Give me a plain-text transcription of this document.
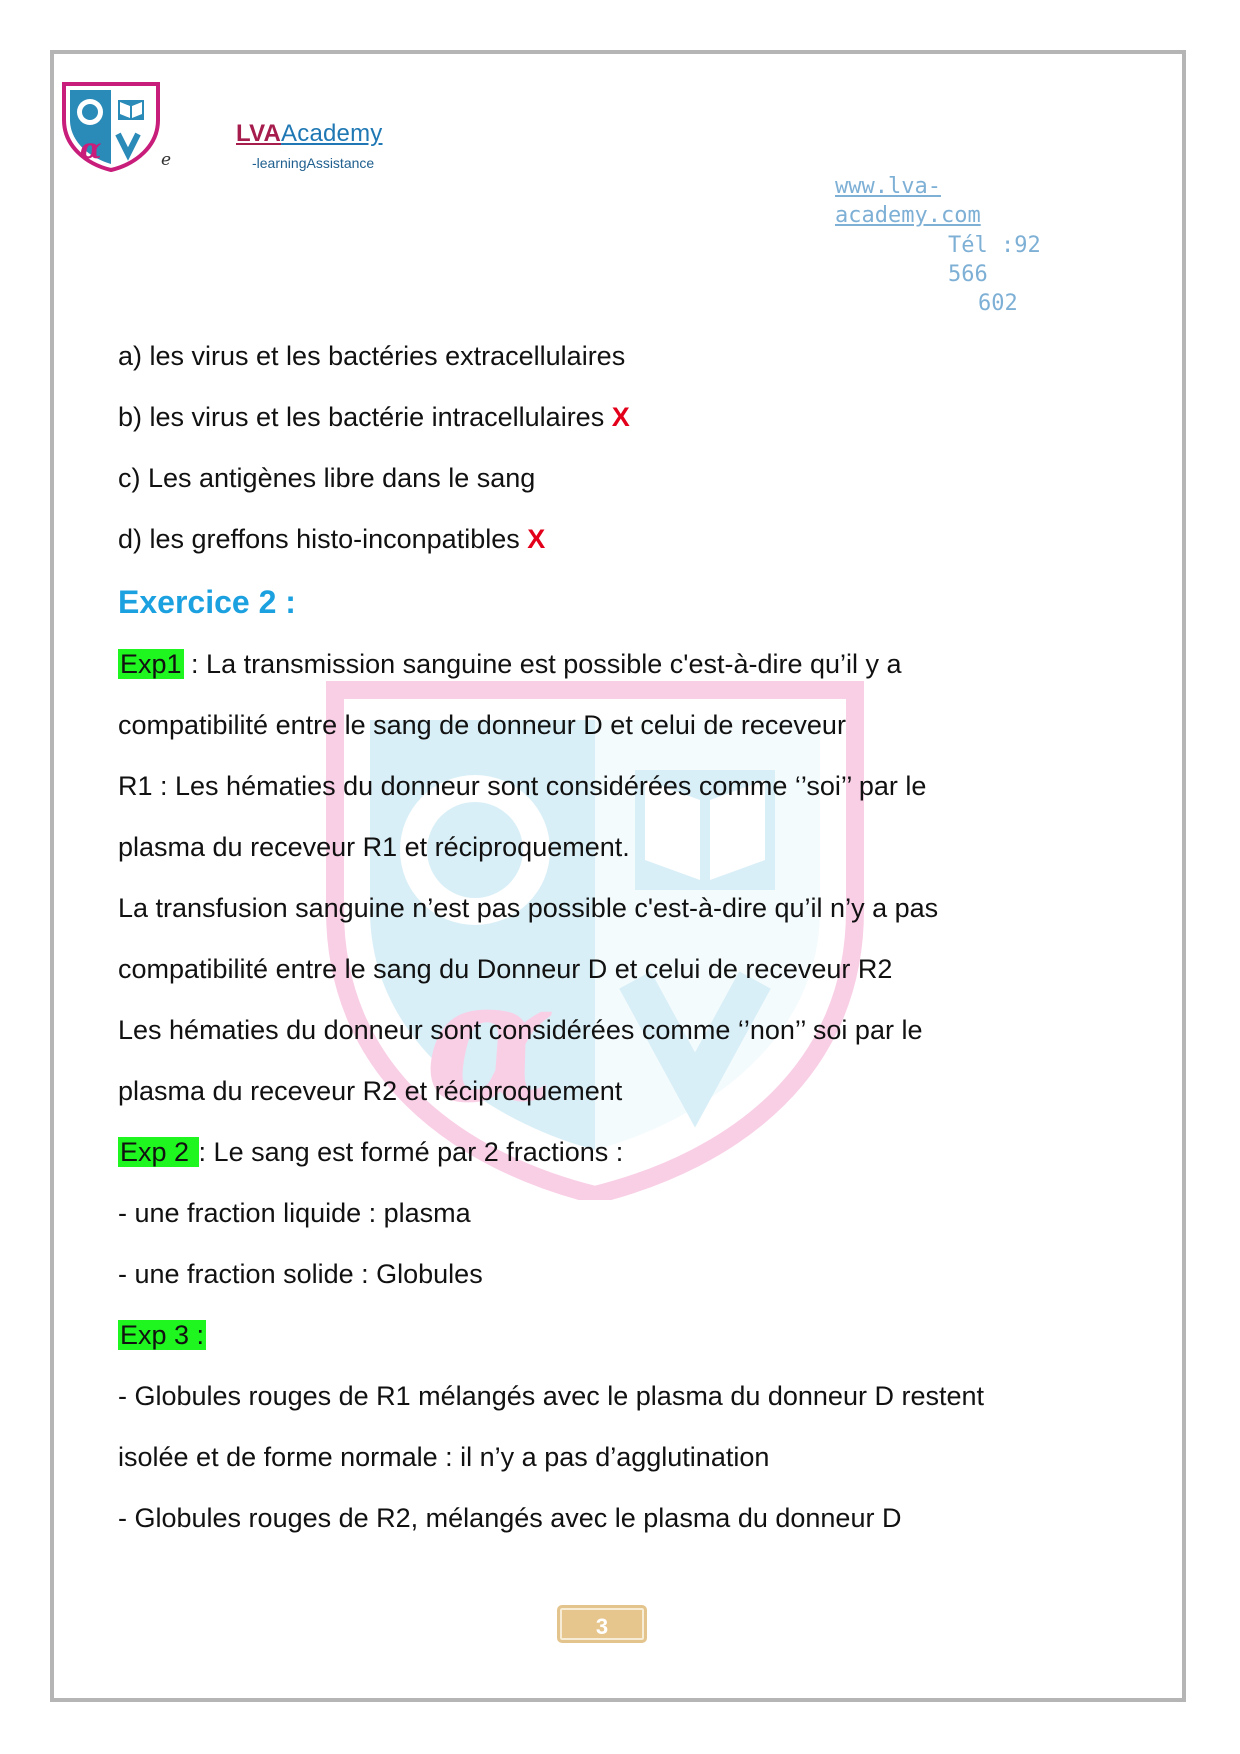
α	e
LVAAcademy
-learningAssistance
www.lva-
academy.com
Tél :92 566
602
α
a) les virus et les bactéries extracellulaires
b) les virus et les bactérie intracellulaires X
c) Les antigènes libre dans le sang
d) les greffons histo-inconpatibles X
Exercice 2 :
Exp1 : La transmission sanguine est possible c'est-à-dire qu’il y a
compatibilité entre le sang de donneur D et celui de receveur
R1 : Les hématies du donneur sont considérées comme ‘’soi’’ par le
plasma du receveur R1 et réciproquement.
La transfusion sanguine n’est pas possible c'est-à-dire qu’il n’y a pas
compatibilité entre le sang du Donneur D et celui de receveur R2
Les hématies du donneur sont considérées comme ‘’non’’ soi par le
plasma du receveur R2 et réciproquement
Exp 2 : Le sang est formé par 2 fractions :
- une fraction liquide : plasma
- une fraction solide : Globules
Exp 3 :
- Globules rouges de R1 mélangés avec le plasma du donneur D restent
isolée et de forme normale : il n’y a pas d’agglutination
- Globules rouges de R2, mélangés avec le plasma du donneur D
3
